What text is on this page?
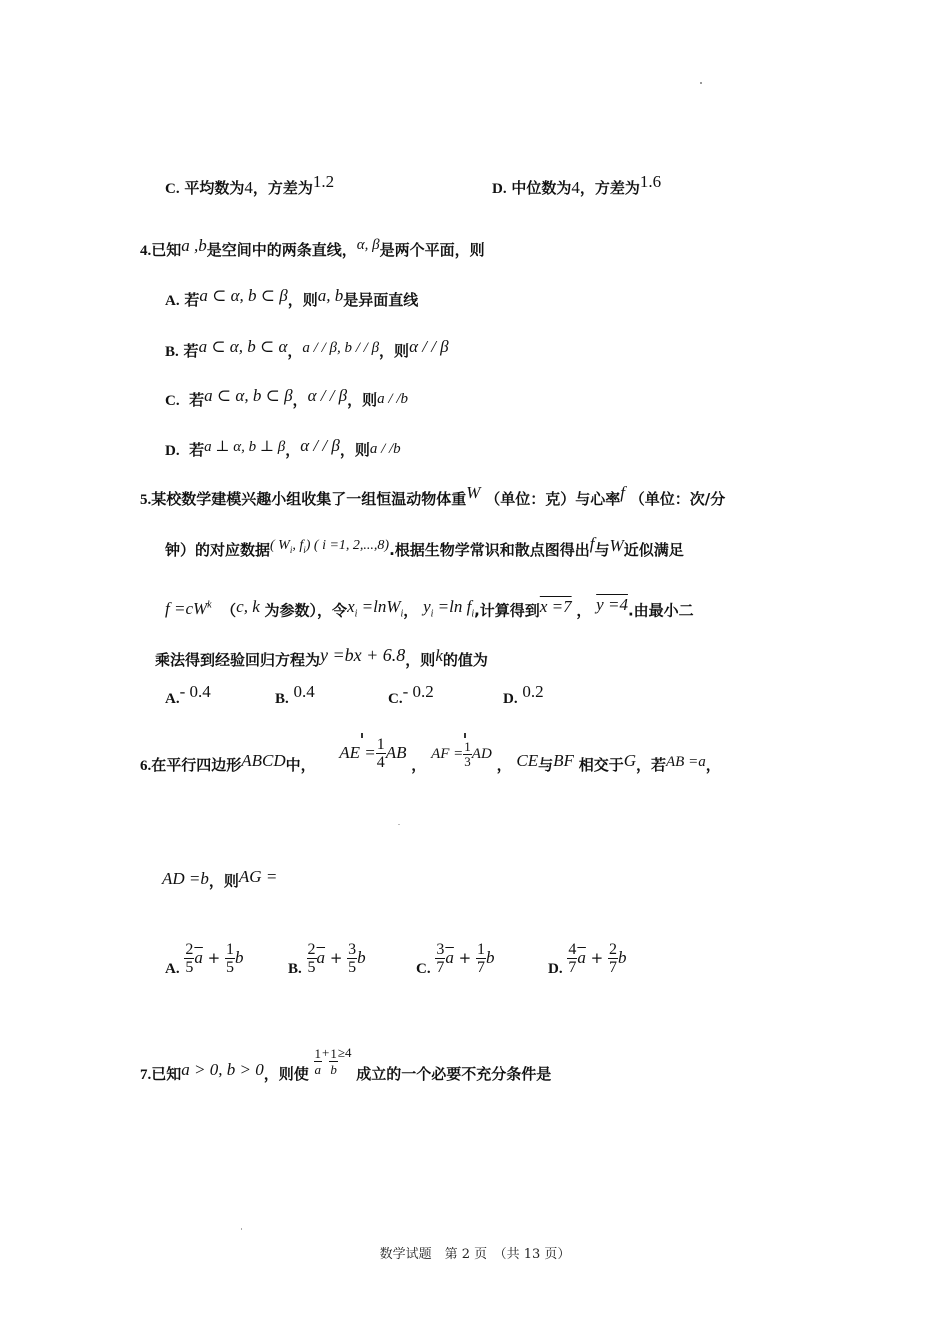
C. 平均数为4，方差为1.2	D. 中位数为4，方差为1.6
4.已知a ,b是空间中的两条直线，α, β是两个平面，则
A. 若a ⊂ α, b ⊂ β，则a, b是异面直线
B. 若a ⊂ α, b ⊂ α，a / / β, b / / β，则α / / β
C. 若a ⊂ α, b ⊂ β，α / / β，则a / /b
D. 若a ⊥ α, b ⊥ β，α / / β，则a / /b
5.某校数学建模兴趣小组收集了一组恒温动物体重W （单位：克）与心率f （单位：次/分
钟）的对应数据( $W_i$, $f_i$) ( i =1, 2,...,8).根据生物学常识和散点图得出f与W近似满足
$f =cW^k$ （c, k 为参数），令$x_i =\ln W_i$， $y_i =\ln$ $f_i$,计算得到x =7 ， y =4.由最小二
乘法得到经验回归方程为y =bx + 6.8，则k的值为
A.- 0.4	B. 0.4	C.- 0.2	D. 0.2
6.在平行四边形ABCD中，  AE = $\frac{1}{4}$ AB ， AF = $\frac{1}{3}$ AD ， CE与BF 相交于G，若AB =a，
AD =b，则AG =
A. $\frac{2}{5} \overline{a} + \frac{1}{5}$ b
B. $\frac{2}{5} \overline{a} + \frac{3}{5}$ b
C. $\frac{3}{7} \overline{a} + \frac{1}{7}$ b
D. $\frac{4}{7} \overline{a} + \frac{2}{7}$ b
7.已知a > 0, b > 0，则使 $\frac{1}{a} + \frac{1}{b} \ge 4$ 成立的一个必要不充分条件是
数学试题　第 2 页　（共 13 页）
